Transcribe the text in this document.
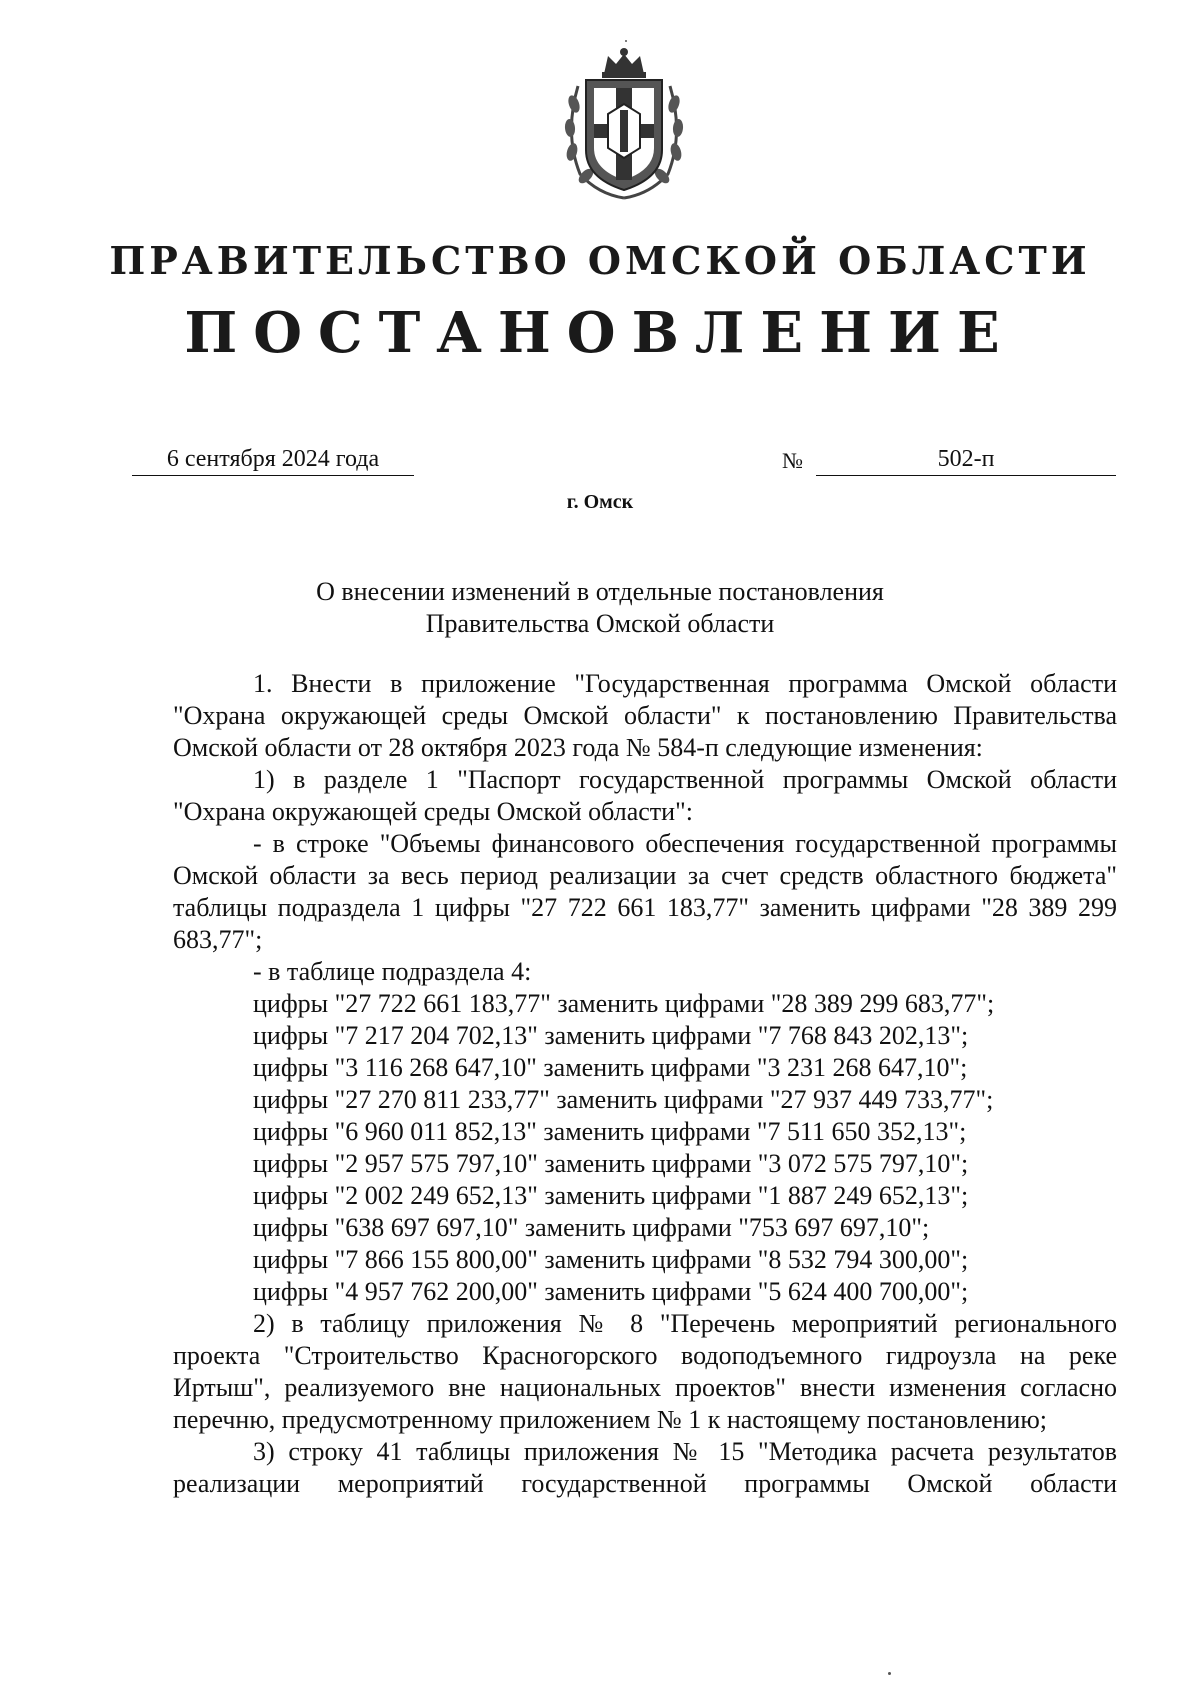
ПРАВИТЕЛЬСТВО ОМСКОЙ ОБЛАСТИ
ПОСТАНОВЛЕНИЕ
6 сентября 2024 года	№	502-п
г. Омск
О внесении изменений в отдельные постановления
Правительства Омской области

1. Внести в приложение "Государственная программа Омской области "Охрана окружающей среды Омской области" к постановлению Правительства Омской области от 28 октября 2023 года № 584-п следующие изменения:

1) в разделе 1 "Паспорт государственной программы Омской области "Охрана окружающей среды Омской области":

- в строке "Объемы финансового обеспечения государственной программы Омской области за весь период реализации за счет средств областного бюджета" таблицы подраздела 1 цифры "27 722 661 183,77" заменить цифрами "28 389 299 683,77";

- в таблице подраздела 4:

цифры "27 722 661 183,77" заменить цифрами "28 389 299 683,77";
цифры "7 217 204 702,13" заменить цифрами "7 768 843 202,13";
цифры "3 116 268 647,10" заменить цифрами "3 231 268 647,10";
цифры "27 270 811 233,77" заменить цифрами "27 937 449 733,77";
цифры "6 960 011 852,13" заменить цифрами "7 511 650 352,13";
цифры "2 957 575 797,10" заменить цифрами "3 072 575 797,10";
цифры "2 002 249 652,13" заменить цифрами "1 887 249 652,13";
цифры "638 697 697,10" заменить цифрами "753 697 697,10";
цифры "7 866 155 800,00" заменить цифрами "8 532 794 300,00";
цифры "4 957 762 200,00" заменить цифрами "5 624 400 700,00";

2) в таблицу приложения № 8 "Перечень мероприятий регионального проекта "Строительство Красногорского водоподъемного гидроузла на реке Иртыш", реализуемого вне национальных проектов" внести изменения согласно перечню, предусмотренному приложением № 1 к настоящему постановлению;

3) строку 41 таблицы приложения № 15 "Методика расчета результатов реализации мероприятий государственной программы Омской области
